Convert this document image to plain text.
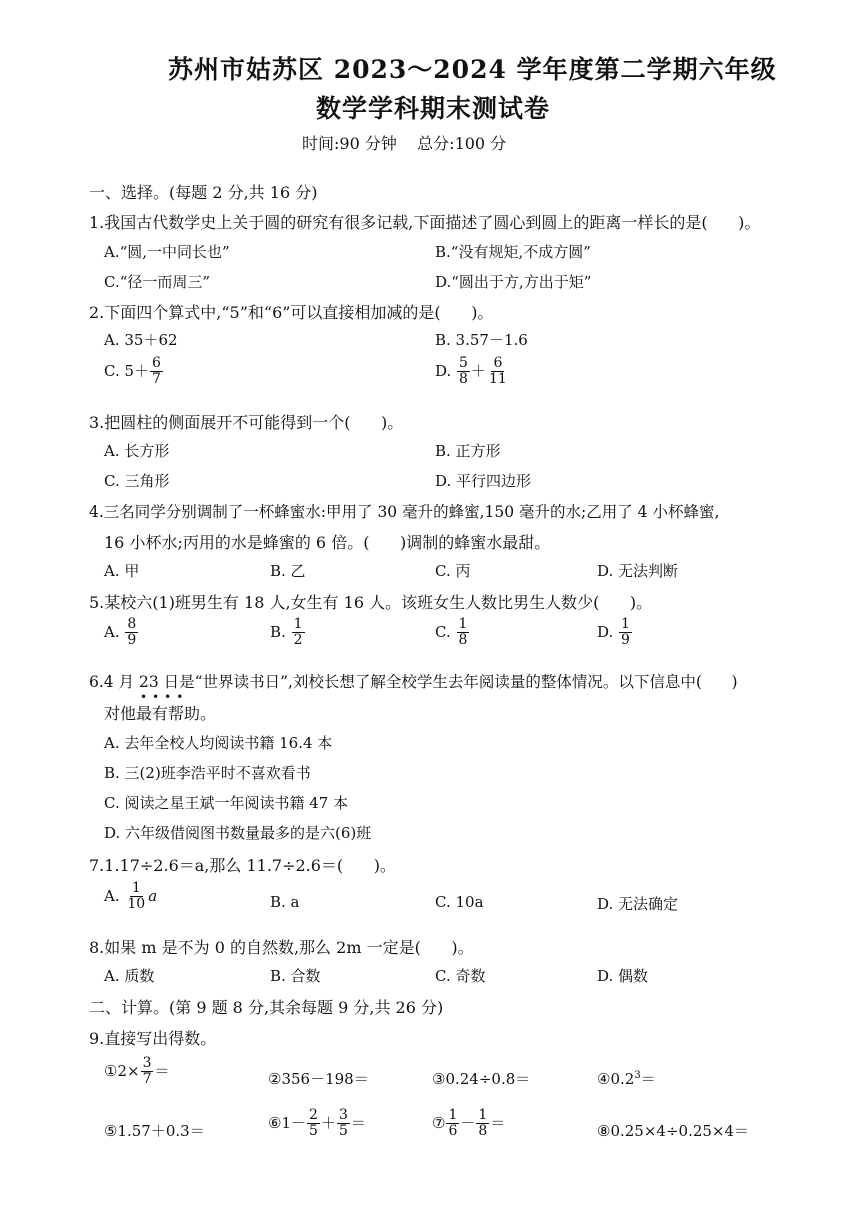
苏州市姑苏区 2023～2024 学年度第二学期六年级
数学学科期末测试卷
时间:90 分钟    总分:100 分
一、选择。(每题 2 分,共 16 分)
1.我国古代数学史上关于圆的研究有很多记载,下面描述了圆心到圆上的距离一样长的是(      )。
A.“圆,一中同长也”	B.“没有规矩,不成方圆”
C.“径一而周三”	D.“圆出于方,方出于矩”
2.下面四个算式中,“5”和“6”可以直接相加减的是(      )。
A. 35＋62	B. 3.57－1.6
C. $5+ \frac{6}{7}$	D. $\frac{5}{8} + \frac{6}{11}$
3.把圆柱的侧面展开不可能得到一个(      )。
A. 长方形	B. 正方形
C. 三角形	D. 平行四边形
4.三名同学分别调制了一杯蜂蜜水:甲用了 30 毫升的蜂蜜,150 毫升的水;乙用了 4 小杯蜂蜜,
16 小杯水;丙用的水是蜂蜜的 6 倍。(      )调制的蜂蜜水最甜。
A. 甲	B. 乙	C. 丙	D. 无法判断
5.某校六(1)班男生有 18 人,女生有 16 人。该班女生人数比男生人数少(      )。
A. $\frac{8}{9}$	B. $\frac{1}{2}$	C. $\frac{1}{8}$	D. $\frac{1}{9}$
6.4 月 23 日是“世界读书日”,刘校长想了解全校学生去年阅读量的整体情况。以下信息中(      )
••••
对他最有帮助。
A. 去年全校人均阅读书籍 16.4 本
B. 三(2)班李浩平时不喜欢看书
C. 阅读之星王斌一年阅读书籍 47 本
D. 六年级借阅图书数量最多的是六(6)班
7.1.17÷2.6＝a,那么 11.7÷2.6＝(      )。
A. $\frac{1}{10}$ a	B. a	C. 10a	D. 无法确定
8.如果 m 是不为 0 的自然数,那么 2m 一定是(      )。
A. 质数	B. 合数	C. 奇数	D. 偶数
二、计算。(第 9 题 8 分,其余每题 9 分,共 26 分)
9.直接写出得数。
①2× $\frac{3}{7}$ ＝	②356－198＝	③0.24÷0.8＝	$④0.2^3=$
⑤1.57＋0.3＝	⑥1－ $\frac{2}{5} + \frac{3}{5}$ ＝	⑦ $\frac{1}{6} - \frac{1}{8}$ ＝	⑧0.25×4÷0.25×4＝
